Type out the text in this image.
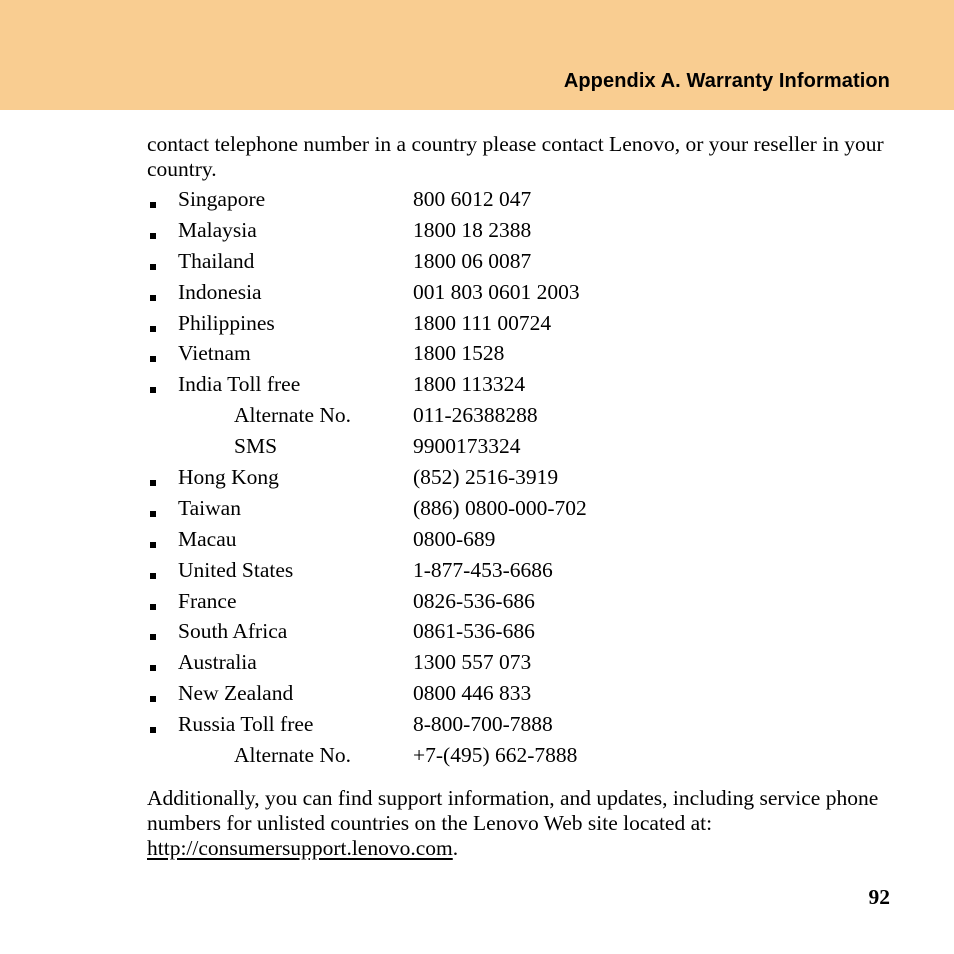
Appendix A. Warranty Information

contact telephone number in a country please contact Lenovo, or your reseller in your country.

Singapore	800 6012 047
Malaysia	1800 18 2388
Thailand	1800 06 0087
Indonesia	001 803 0601 2003
Philippines	1800 111 00724
Vietnam	1800 1528
India Toll free	1800 113324
Alternate No.	011-26388288
SMS	9900173324
Hong Kong	(852) 2516-3919
Taiwan	(886) 0800-000-702
Macau	0800-689
United States	1-877-453-6686
France	0826-536-686
South Africa	0861-536-686
Australia	1300 557 073
New Zealand	0800 446 833
Russia Toll free	8-800-700-7888
Alternate No.	+7-(495) 662-7888

Additionally, you can find support information, and updates, including service phone numbers for unlisted countries on the Lenovo Web site located at: http://consumersupport.lenovo.com.

92
